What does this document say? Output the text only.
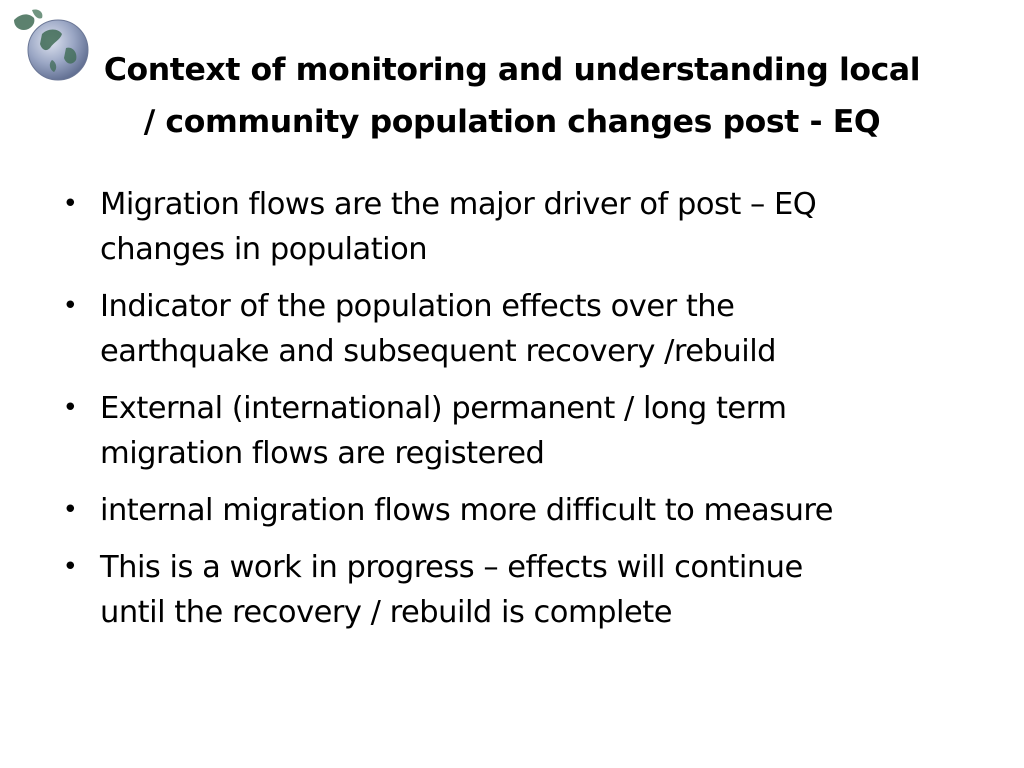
Context of monitoring and understanding local
/ community population changes post - EQ
• Migration flows are the major driver of post – EQ
changes in population
• Indicator of the population effects over the
earthquake and subsequent recovery /rebuild
• External (international) permanent / long term
migration flows are registered
• internal migration flows more difficult to measure
• This is a work in progress – effects will continue
until the recovery / rebuild is complete
